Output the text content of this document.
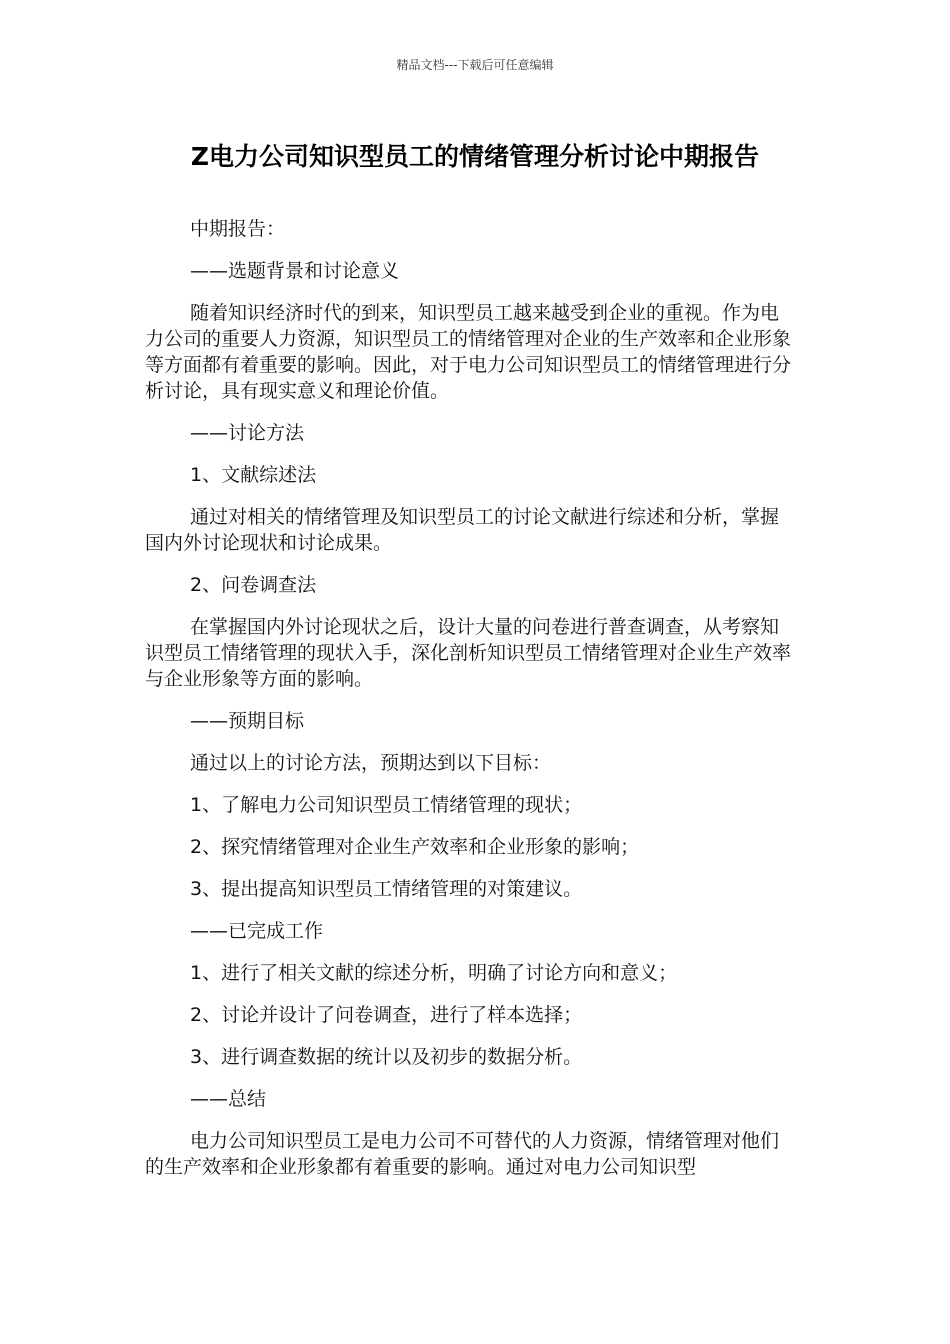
精品文档---下载后可任意编辑
Z电力公司知识型员工的情绪管理分析讨论中期报告

中期报告：

——选题背景和讨论意义

随着知识经济时代的到来，知识型员工越来越受到企业的重视。作为电力公司的重要人力资源，知识型员工的情绪管理对企业的生产效率和企业形象等方面都有着重要的影响。因此，对于电力公司知识型员工的情绪管理进行分析讨论，具有现实意义和理论价值。

——讨论方法

1、文献综述法

通过对相关的情绪管理及知识型员工的讨论文献进行综述和分析，掌握国内外讨论现状和讨论成果。

2、问卷调查法

在掌握国内外讨论现状之后，设计大量的问卷进行普查调查，从考察知识型员工情绪管理的现状入手，深化剖析知识型员工情绪管理对企业生产效率与企业形象等方面的影响。

——预期目标

通过以上的讨论方法，预期达到以下目标：

1、了解电力公司知识型员工情绪管理的现状；

2、探究情绪管理对企业生产效率和企业形象的影响；

3、提出提高知识型员工情绪管理的对策建议。

——已完成工作

1、进行了相关文献的综述分析，明确了讨论方向和意义；

2、讨论并设计了问卷调查，进行了样本选择；

3、进行调查数据的统计以及初步的数据分析。

——总结

电力公司知识型员工是电力公司不可替代的人力资源，情绪管理对他们的生产效率和企业形象都有着重要的影响。通过对电力公司知识型
